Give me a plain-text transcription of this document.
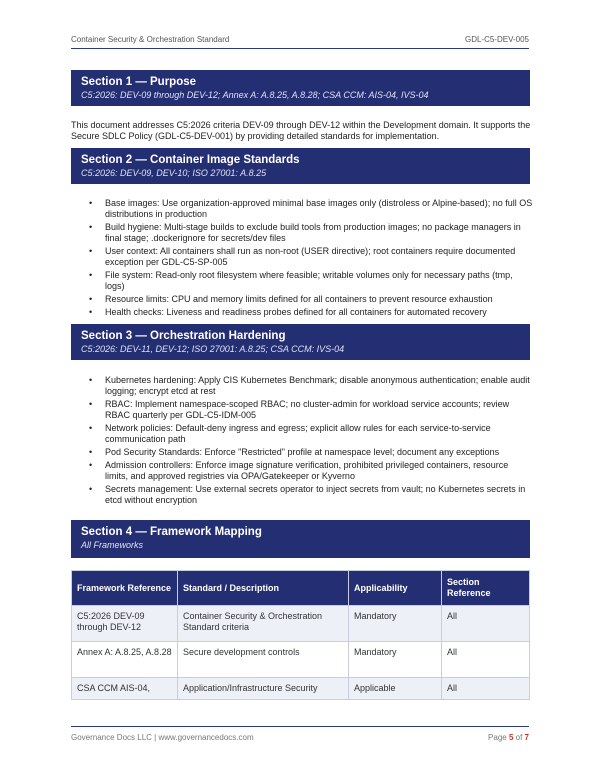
Container Security & Orchestration Standard	GDL-C5-DEV-005
Section 1 — Purpose
C5:2026: DEV-09 through DEV-12; Annex A: A.8.25, A.8.28; CSA CCM: AIS-04, IVS-04
This document addresses C5:2026 criteria DEV-09 through DEV-12 within the Development domain. It supports the Secure SDLC Policy (GDL-C5-DEV-001) by providing detailed standards for implementation.
Section 2 — Container Image Standards
C5:2026: DEV-09, DEV-10; ISO 27001: A.8.25
• Base images: Use organization-approved minimal base images only (distroless or Alpine-based); no full OS distributions in production
• Build hygiene: Multi-stage builds to exclude build tools from production images; no package managers in final stage; .dockerignore for secrets/dev files
• User context: All containers shall run as non-root (USER directive); root containers require documented exception per GDL-C5-SP-005
• File system: Read-only root filesystem where feasible; writable volumes only for necessary paths (tmp, logs)
• Resource limits: CPU and memory limits defined for all containers to prevent resource exhaustion
• Health checks: Liveness and readiness probes defined for all containers for automated recovery
Section 3 — Orchestration Hardening
C5:2026: DEV-11, DEV-12; ISO 27001: A.8.25; CSA CCM: IVS-04
• Kubernetes hardening: Apply CIS Kubernetes Benchmark; disable anonymous authentication; enable audit logging; encrypt etcd at rest
• RBAC: Implement namespace-scoped RBAC; no cluster-admin for workload service accounts; review RBAC quarterly per GDL-C5-IDM-005
• Network policies: Default-deny ingress and egress; explicit allow rules for each service-to-service communication path
• Pod Security Standards: Enforce "Restricted" profile at namespace level; document any exceptions
• Admission controllers: Enforce image signature verification, prohibited privileged containers, resource limits, and approved registries via OPA/Gatekeeper or Kyverno
• Secrets management: Use external secrets operator to inject secrets from vault; no Kubernetes secrets in etcd without encryption
Section 4 — Framework Mapping
All Frameworks
Framework Reference	Standard / Description	Applicability	Section Reference
C5:2026 DEV-09 through DEV-12	Container Security & Orchestration Standard criteria	Mandatory	All
Annex A: A.8.25, A.8.28	Secure development controls	Mandatory	All
CSA CCM AIS-04,	Application/Infrastructure Security	Applicable	All
Governance Docs LLC | www.governancedocs.com	Page 5 of 7
